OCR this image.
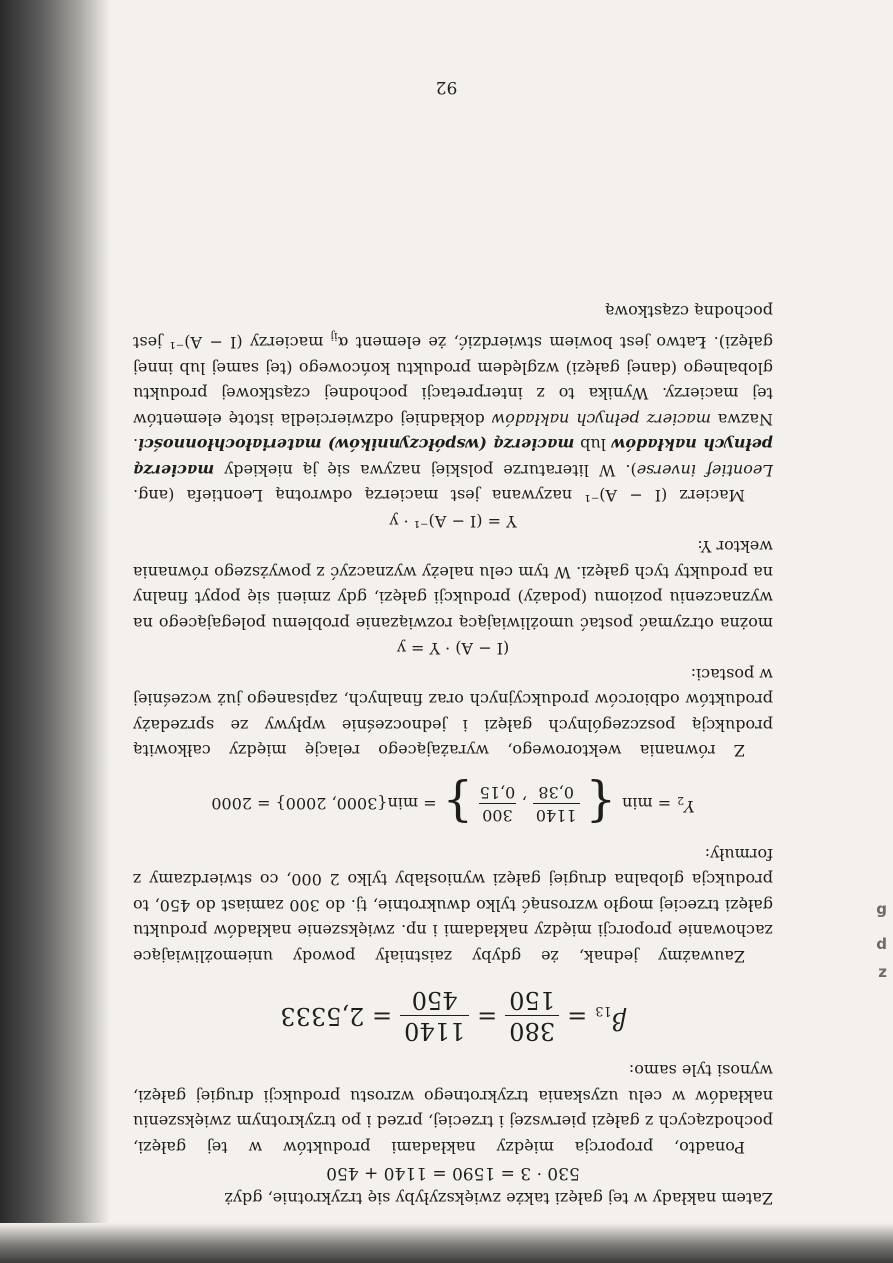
z
d
g

Zatem nakłady w tej gałęzi także zwiększyłyby się trzykrotnie, gdyż

530 · 3 = 1590 = 1140 + 450

Ponadto, proporcja między nakładami produktów w tej gałęzi, pochodzących z gałęzi pierwszej i trzeciej, przed i po trzykrotnym zwiększeniu nakładów w celu uzyskania trzykrotnego wzrostu produkcji drugiej gałęzi, wynosi tyle samo:

$\beta_{13}$
=
380
150
=
1140
450
= 2,5333

Zauważmy jednak, że gdyby zaistniały powody uniemożliwiające zachowanie proporcji między nakładami i np. zwiększenie nakładów produktu gałęzi trzeciej mogło wzrosnąć tylko dwukrotnie, tj. do 300 zamiast do 450, to produkcja globalna drugiej gałęzi wyniosłaby tylko 2 000, co stwierdzamy z formuły:

$Y_2$
= min
{
1140
0,38
,
300
0,15
}
= min{3000, 2000} = 2000

Z równania wektorowego, wyrażającego relację między całkowitą produkcją poszczególnych gałęzi i jednocześnie wpływy ze sprzedaży produktów odbiorców produkcyjnych oraz finalnych, zapisanego już wcześniej w postaci:

(I − A) · Y = y

można otrzymać postać umożliwiającą rozwiązanie problemu polegającego na wyznaczeniu poziomu (podaży) produkcji gałęzi, gdy zmieni się popyt finalny na produkty tych gałęzi. W tym celu należy wyznaczyć z powyższego równania wektor Y:

Y = (I − A)⁻¹ · y

Macierz (I − A)⁻¹ nazywana jest macierzą odwrotną Leontiefa (ang. Leontief inverse). W literaturze polskiej nazywa się ją niekiedy macierzą pełnych nakładów lub macierzą (współczynników) materiałochłonności. Nazwa macierz pełnych nakładów dokładniej odzwierciedla istotę elementów tej macierzy. Wynika to z interpretacji pochodnej cząstkowej produktu globalnego (danej gałęzi) względem produktu końcowego (tej samej lub innej gałęzi). Łatwo jest bowiem stwierdzić, że element $\alpha_{ij}$ macierzy (I − A)⁻¹ jest pochodną cząstkową

92
